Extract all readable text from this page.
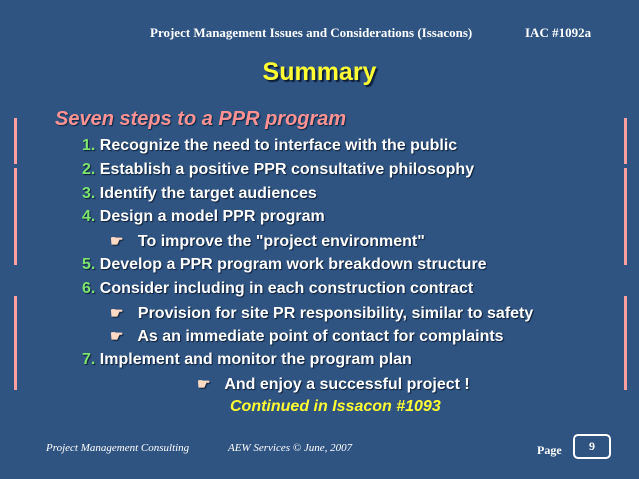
Project Management Issues and Considerations (Issacons)	IAC #1092a
Summary
Seven steps to a PPR program
1. Recognize the need to interface with the public
2. Establish a positive PPR consultative philosophy
3. Identify the target audiences
4. Design a model PPR program
☛ To improve the "project environment"
5. Develop a PPR program work breakdown structure
6. Consider including in each construction contract
☛ Provision for site PR responsibility, similar to safety
☛ As an immediate point of contact for complaints
7. Implement and monitor the program plan
☛ And enjoy a successful project !
Continued in Issacon #1093
Project Management Consulting	AEW Services © June, 2007	Page	9
